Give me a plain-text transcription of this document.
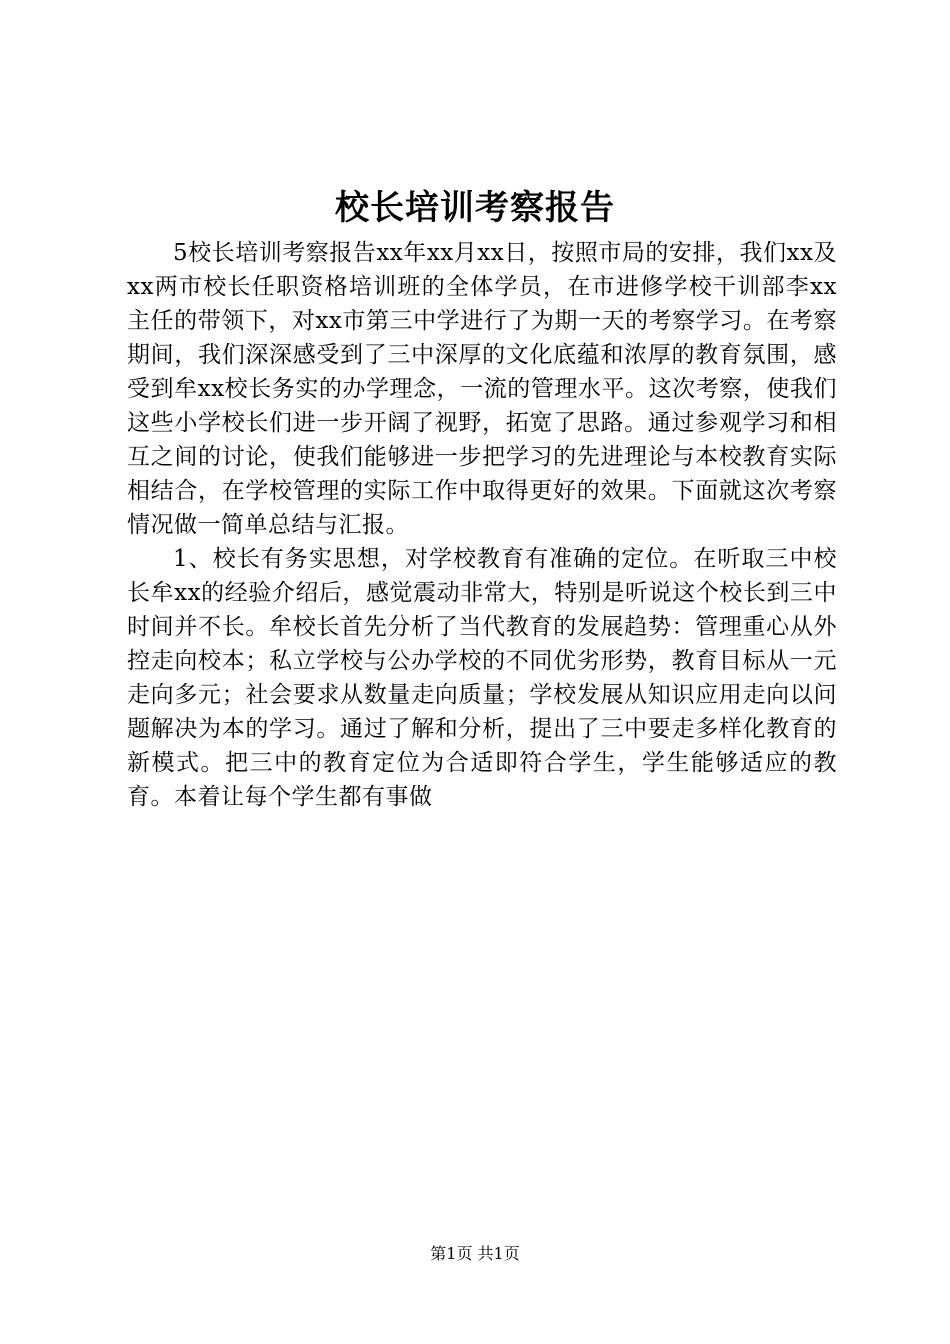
校长培训考察报告

5校长培训考察报告xx年xx月xx日，按照市局的安排，我们xx及xx两市校长任职资格培训班的全体学员，在市进修学校干训部李xx主任的带领下，对xx市第三中学进行了为期一天的考察学习。在考察期间，我们深深感受到了三中深厚的文化底蕴和浓厚的教育氛围，感受到牟xx校长务实的办学理念，一流的管理水平。这次考察，使我们这些小学校长们进一步开阔了视野，拓宽了思路。通过参观学习和相互之间的讨论，使我们能够进一步把学习的先进理论与本校教育实际相结合，在学校管理的实际工作中取得更好的效果。下面就这次考察情况做一简单总结与汇报。

1、校长有务实思想，对学校教育有准确的定位。在听取三中校长牟xx的经验介绍后，感觉震动非常大，特别是听说这个校长到三中时间并不长。牟校长首先分析了当代教育的发展趋势：管理重心从外控走向校本；私立学校与公办学校的不同优劣形势，教育目标从一元走向多元；社会要求从数量走向质量；学校发展从知识应用走向以问题解决为本的学习。通过了解和分析，提出了三中要走多样化教育的新模式。把三中的教育定位为合适即符合学生，学生能够适应的教育。本着让每个学生都有事做

第1页 共1页
